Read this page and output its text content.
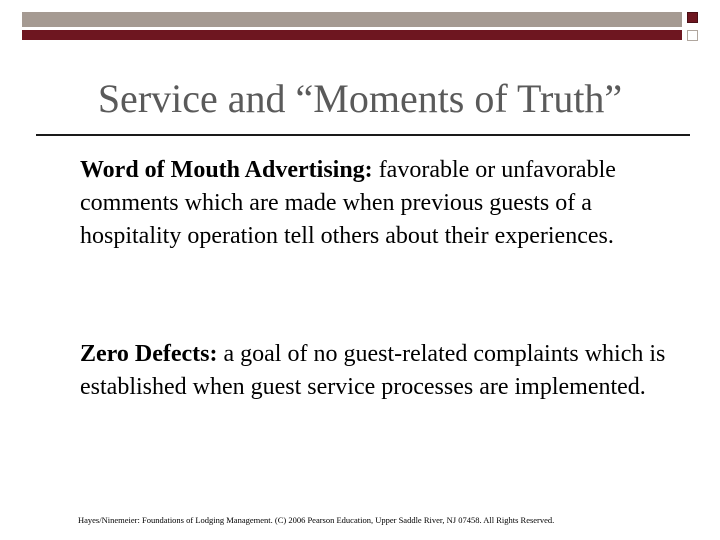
Service and “Moments of Truth”
Word of Mouth Advertising: favorable or unfavorable comments which are made when previous guests of a hospitality operation tell others about their experiences.
Zero Defects: a goal of no guest-related complaints which is established when guest service processes are implemented.
Hayes/Ninemeier: Foundations of Lodging Management. (C) 2006 Pearson Education, Upper Saddle River, NJ 07458. All Rights Reserved.
